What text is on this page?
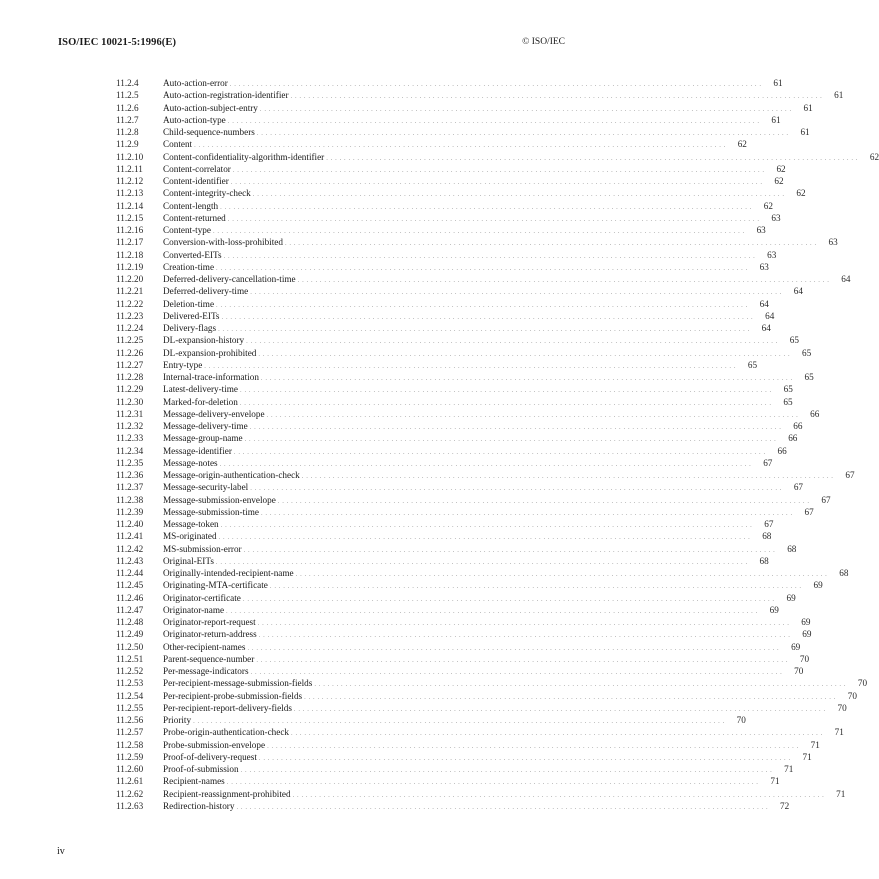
ISO/IEC 10021-5:1996(E)	© ISO/IEC
11.2.4	Auto-action-error . . . . . . . . . . . . . . . . . . . . . . . . . . . . . . . . . . . . . . . . . . . . . . . . . . . . . . . . . . . . . . . . . . . . . . . . . . . . . . . . . . . . . . . . . . . . . . . . . . . . . . . . . . . . . . . . . . . . . . . .	61
11.2.5	Auto-action-registration-identifier . . . . . . . . . . . . . . . . . . . . . . . . . . . . . . . . . . . . . . . . . . . . . . . . . . . . . . . . . . . . . . . . . . . . . . . . . . . . . . . . . . . . . . . . . . . . . . . . . . . . . . . . . . . . . . . . . . . . . . . .	61
11.2.6	Auto-action-subject-entry . . . . . . . . . . . . . . . . . . . . . . . . . . . . . . . . . . . . . . . . . . . . . . . . . . . . . . . . . . . . . . . . . . . . . . . . . . . . . . . . . . . . . . . . . . . . . . . . . . . . . . . . . . . . . . . . . . . . . . . .	61
11.2.7	Auto-action-type . . . . . . . . . . . . . . . . . . . . . . . . . . . . . . . . . . . . . . . . . . . . . . . . . . . . . . . . . . . . . . . . . . . . . . . . . . . . . . . . . . . . . . . . . . . . . . . . . . . . . . . . . . . . . . . . . . . . . . . .	61
11.2.8	Child-sequence-numbers . . . . . . . . . . . . . . . . . . . . . . . . . . . . . . . . . . . . . . . . . . . . . . . . . . . . . . . . . . . . . . . . . . . . . . . . . . . . . . . . . . . . . . . . . . . . . . . . . . . . . . . . . . . . . . . . . . . . . . . .	61
11.2.9	Content . . . . . . . . . . . . . . . . . . . . . . . . . . . . . . . . . . . . . . . . . . . . . . . . . . . . . . . . . . . . . . . . . . . . . . . . . . . . . . . . . . . . . . . . . . . . . . . . . . . . . . . . . . . . . . . . . . . . . . . .	62
11.2.10	Content-confidentiality-algorithm-identifier . . . . . . . . . . . . . . . . . . . . . . . . . . . . . . . . . . . . . . . . . . . . . . . . . . . . . . . . . . . . . . . . . . . . . . . . . . . . . . . . . . . . . . . . . . . . . . . . . . . . . . . . . . . . . . . . . . . . . . . .	62
11.2.11	Content-correlator . . . . . . . . . . . . . . . . . . . . . . . . . . . . . . . . . . . . . . . . . . . . . . . . . . . . . . . . . . . . . . . . . . . . . . . . . . . . . . . . . . . . . . . . . . . . . . . . . . . . . . . . . . . . . . . . . . . . . . . .	62
11.2.12	Content-identifier . . . . . . . . . . . . . . . . . . . . . . . . . . . . . . . . . . . . . . . . . . . . . . . . . . . . . . . . . . . . . . . . . . . . . . . . . . . . . . . . . . . . . . . . . . . . . . . . . . . . . . . . . . . . . . . . . . . . . . . .	62
11.2.13	Content-integrity-check . . . . . . . . . . . . . . . . . . . . . . . . . . . . . . . . . . . . . . . . . . . . . . . . . . . . . . . . . . . . . . . . . . . . . . . . . . . . . . . . . . . . . . . . . . . . . . . . . . . . . . . . . . . . . . . . . . . . . . . .	62
11.2.14	Content-length . . . . . . . . . . . . . . . . . . . . . . . . . . . . . . . . . . . . . . . . . . . . . . . . . . . . . . . . . . . . . . . . . . . . . . . . . . . . . . . . . . . . . . . . . . . . . . . . . . . . . . . . . . . . . . . . . . . . . . . .	62
11.2.15	Content-returned . . . . . . . . . . . . . . . . . . . . . . . . . . . . . . . . . . . . . . . . . . . . . . . . . . . . . . . . . . . . . . . . . . . . . . . . . . . . . . . . . . . . . . . . . . . . . . . . . . . . . . . . . . . . . . . . . . . . . . . .	63
11.2.16	Content-type . . . . . . . . . . . . . . . . . . . . . . . . . . . . . . . . . . . . . . . . . . . . . . . . . . . . . . . . . . . . . . . . . . . . . . . . . . . . . . . . . . . . . . . . . . . . . . . . . . . . . . . . . . . . . . . . . . . . . . . .	63
11.2.17	Conversion-with-loss-prohibited . . . . . . . . . . . . . . . . . . . . . . . . . . . . . . . . . . . . . . . . . . . . . . . . . . . . . . . . . . . . . . . . . . . . . . . . . . . . . . . . . . . . . . . . . . . . . . . . . . . . . . . . . . . . . . . . . . . . . . . .	63
11.2.18	Converted-EITs . . . . . . . . . . . . . . . . . . . . . . . . . . . . . . . . . . . . . . . . . . . . . . . . . . . . . . . . . . . . . . . . . . . . . . . . . . . . . . . . . . . . . . . . . . . . . . . . . . . . . . . . . . . . . . . . . . . . . . . .	63
11.2.19	Creation-time . . . . . . . . . . . . . . . . . . . . . . . . . . . . . . . . . . . . . . . . . . . . . . . . . . . . . . . . . . . . . . . . . . . . . . . . . . . . . . . . . . . . . . . . . . . . . . . . . . . . . . . . . . . . . . . . . . . . . . . .	63
11.2.20	Deferred-delivery-cancellation-time . . . . . . . . . . . . . . . . . . . . . . . . . . . . . . . . . . . . . . . . . . . . . . . . . . . . . . . . . . . . . . . . . . . . . . . . . . . . . . . . . . . . . . . . . . . . . . . . . . . . . . . . . . . . . . . . . . . . . . . .	64
11.2.21	Deferred-delivery-time . . . . . . . . . . . . . . . . . . . . . . . . . . . . . . . . . . . . . . . . . . . . . . . . . . . . . . . . . . . . . . . . . . . . . . . . . . . . . . . . . . . . . . . . . . . . . . . . . . . . . . . . . . . . . . . . . . . . . . . .	64
11.2.22	Deletion-time . . . . . . . . . . . . . . . . . . . . . . . . . . . . . . . . . . . . . . . . . . . . . . . . . . . . . . . . . . . . . . . . . . . . . . . . . . . . . . . . . . . . . . . . . . . . . . . . . . . . . . . . . . . . . . . . . . . . . . . .	64
11.2.23	Delivered-EITs . . . . . . . . . . . . . . . . . . . . . . . . . . . . . . . . . . . . . . . . . . . . . . . . . . . . . . . . . . . . . . . . . . . . . . . . . . . . . . . . . . . . . . . . . . . . . . . . . . . . . . . . . . . . . . . . . . . . . . . .	64
11.2.24	Delivery-flags . . . . . . . . . . . . . . . . . . . . . . . . . . . . . . . . . . . . . . . . . . . . . . . . . . . . . . . . . . . . . . . . . . . . . . . . . . . . . . . . . . . . . . . . . . . . . . . . . . . . . . . . . . . . . . . . . . . . . . . .	64
11.2.25	DL-expansion-history . . . . . . . . . . . . . . . . . . . . . . . . . . . . . . . . . . . . . . . . . . . . . . . . . . . . . . . . . . . . . . . . . . . . . . . . . . . . . . . . . . . . . . . . . . . . . . . . . . . . . . . . . . . . . . . . . . . . . . . .	65
11.2.26	DL-expansion-prohibited . . . . . . . . . . . . . . . . . . . . . . . . . . . . . . . . . . . . . . . . . . . . . . . . . . . . . . . . . . . . . . . . . . . . . . . . . . . . . . . . . . . . . . . . . . . . . . . . . . . . . . . . . . . . . . . . . . . . . . . .	65
11.2.27	Entry-type . . . . . . . . . . . . . . . . . . . . . . . . . . . . . . . . . . . . . . . . . . . . . . . . . . . . . . . . . . . . . . . . . . . . . . . . . . . . . . . . . . . . . . . . . . . . . . . . . . . . . . . . . . . . . . . . . . . . . . . .	65
11.2.28	Internal-trace-information . . . . . . . . . . . . . . . . . . . . . . . . . . . . . . . . . . . . . . . . . . . . . . . . . . . . . . . . . . . . . . . . . . . . . . . . . . . . . . . . . . . . . . . . . . . . . . . . . . . . . . . . . . . . . . . . . . . . . . . .	65
11.2.29	Latest-delivery-time . . . . . . . . . . . . . . . . . . . . . . . . . . . . . . . . . . . . . . . . . . . . . . . . . . . . . . . . . . . . . . . . . . . . . . . . . . . . . . . . . . . . . . . . . . . . . . . . . . . . . . . . . . . . . . . . . . . . . . . .	65
11.2.30	Marked-for-deletion . . . . . . . . . . . . . . . . . . . . . . . . . . . . . . . . . . . . . . . . . . . . . . . . . . . . . . . . . . . . . . . . . . . . . . . . . . . . . . . . . . . . . . . . . . . . . . . . . . . . . . . . . . . . . . . . . . . . . . . .	65
11.2.31	Message-delivery-envelope . . . . . . . . . . . . . . . . . . . . . . . . . . . . . . . . . . . . . . . . . . . . . . . . . . . . . . . . . . . . . . . . . . . . . . . . . . . . . . . . . . . . . . . . . . . . . . . . . . . . . . . . . . . . . . . . . . . . . . . .	66
11.2.32	Message-delivery-time . . . . . . . . . . . . . . . . . . . . . . . . . . . . . . . . . . . . . . . . . . . . . . . . . . . . . . . . . . . . . . . . . . . . . . . . . . . . . . . . . . . . . . . . . . . . . . . . . . . . . . . . . . . . . . . . . . . . . . . .	66
11.2.33	Message-group-name . . . . . . . . . . . . . . . . . . . . . . . . . . . . . . . . . . . . . . . . . . . . . . . . . . . . . . . . . . . . . . . . . . . . . . . . . . . . . . . . . . . . . . . . . . . . . . . . . . . . . . . . . . . . . . . . . . . . . . . .	66
11.2.34	Message-identifier . . . . . . . . . . . . . . . . . . . . . . . . . . . . . . . . . . . . . . . . . . . . . . . . . . . . . . . . . . . . . . . . . . . . . . . . . . . . . . . . . . . . . . . . . . . . . . . . . . . . . . . . . . . . . . . . . . . . . . . .	66
11.2.35	Message-notes . . . . . . . . . . . . . . . . . . . . . . . . . . . . . . . . . . . . . . . . . . . . . . . . . . . . . . . . . . . . . . . . . . . . . . . . . . . . . . . . . . . . . . . . . . . . . . . . . . . . . . . . . . . . . . . . . . . . . . . .	67
11.2.36	Message-origin-authentication-check . . . . . . . . . . . . . . . . . . . . . . . . . . . . . . . . . . . . . . . . . . . . . . . . . . . . . . . . . . . . . . . . . . . . . . . . . . . . . . . . . . . . . . . . . . . . . . . . . . . . . . . . . . . . . . . . . . . . . . . .	67
11.2.37	Message-security-label . . . . . . . . . . . . . . . . . . . . . . . . . . . . . . . . . . . . . . . . . . . . . . . . . . . . . . . . . . . . . . . . . . . . . . . . . . . . . . . . . . . . . . . . . . . . . . . . . . . . . . . . . . . . . . . . . . . . . . . .	67
11.2.38	Message-submission-envelope . . . . . . . . . . . . . . . . . . . . . . . . . . . . . . . . . . . . . . . . . . . . . . . . . . . . . . . . . . . . . . . . . . . . . . . . . . . . . . . . . . . . . . . . . . . . . . . . . . . . . . . . . . . . . . . . . . . . . . . .	67
11.2.39	Message-submission-time . . . . . . . . . . . . . . . . . . . . . . . . . . . . . . . . . . . . . . . . . . . . . . . . . . . . . . . . . . . . . . . . . . . . . . . . . . . . . . . . . . . . . . . . . . . . . . . . . . . . . . . . . . . . . . . . . . . . . . . .	67
11.2.40	Message-token . . . . . . . . . . . . . . . . . . . . . . . . . . . . . . . . . . . . . . . . . . . . . . . . . . . . . . . . . . . . . . . . . . . . . . . . . . . . . . . . . . . . . . . . . . . . . . . . . . . . . . . . . . . . . . . . . . . . . . . .	67
11.2.41	MS-originated . . . . . . . . . . . . . . . . . . . . . . . . . . . . . . . . . . . . . . . . . . . . . . . . . . . . . . . . . . . . . . . . . . . . . . . . . . . . . . . . . . . . . . . . . . . . . . . . . . . . . . . . . . . . . . . . . . . . . . . .	68
11.2.42	MS-submission-error . . . . . . . . . . . . . . . . . . . . . . . . . . . . . . . . . . . . . . . . . . . . . . . . . . . . . . . . . . . . . . . . . . . . . . . . . . . . . . . . . . . . . . . . . . . . . . . . . . . . . . . . . . . . . . . . . . . . . . . .	68
11.2.43	Original-EITs . . . . . . . . . . . . . . . . . . . . . . . . . . . . . . . . . . . . . . . . . . . . . . . . . . . . . . . . . . . . . . . . . . . . . . . . . . . . . . . . . . . . . . . . . . . . . . . . . . . . . . . . . . . . . . . . . . . . . . . .	68
11.2.44	Originally-intended-recipient-name . . . . . . . . . . . . . . . . . . . . . . . . . . . . . . . . . . . . . . . . . . . . . . . . . . . . . . . . . . . . . . . . . . . . . . . . . . . . . . . . . . . . . . . . . . . . . . . . . . . . . . . . . . . . . . . . . . . . . . . .	68
11.2.45	Originating-MTA-certificate . . . . . . . . . . . . . . . . . . . . . . . . . . . . . . . . . . . . . . . . . . . . . . . . . . . . . . . . . . . . . . . . . . . . . . . . . . . . . . . . . . . . . . . . . . . . . . . . . . . . . . . . . . . . . . . . . . . . . . . .	69
11.2.46	Originator-certificate . . . . . . . . . . . . . . . . . . . . . . . . . . . . . . . . . . . . . . . . . . . . . . . . . . . . . . . . . . . . . . . . . . . . . . . . . . . . . . . . . . . . . . . . . . . . . . . . . . . . . . . . . . . . . . . . . . . . . . . .	69
11.2.47	Originator-name . . . . . . . . . . . . . . . . . . . . . . . . . . . . . . . . . . . . . . . . . . . . . . . . . . . . . . . . . . . . . . . . . . . . . . . . . . . . . . . . . . . . . . . . . . . . . . . . . . . . . . . . . . . . . . . . . . . . . . . .	69
11.2.48	Originator-report-request . . . . . . . . . . . . . . . . . . . . . . . . . . . . . . . . . . . . . . . . . . . . . . . . . . . . . . . . . . . . . . . . . . . . . . . . . . . . . . . . . . . . . . . . . . . . . . . . . . . . . . . . . . . . . . . . . . . . . . . .	69
11.2.49	Originator-return-address . . . . . . . . . . . . . . . . . . . . . . . . . . . . . . . . . . . . . . . . . . . . . . . . . . . . . . . . . . . . . . . . . . . . . . . . . . . . . . . . . . . . . . . . . . . . . . . . . . . . . . . . . . . . . . . . . . . . . . . .	69
11.2.50	Other-recipient-names . . . . . . . . . . . . . . . . . . . . . . . . . . . . . . . . . . . . . . . . . . . . . . . . . . . . . . . . . . . . . . . . . . . . . . . . . . . . . . . . . . . . . . . . . . . . . . . . . . . . . . . . . . . . . . . . . . . . . . . .	69
11.2.51	Parent-sequence-number . . . . . . . . . . . . . . . . . . . . . . . . . . . . . . . . . . . . . . . . . . . . . . . . . . . . . . . . . . . . . . . . . . . . . . . . . . . . . . . . . . . . . . . . . . . . . . . . . . . . . . . . . . . . . . . . . . . . . . . .	70
11.2.52	Per-message-indicators . . . . . . . . . . . . . . . . . . . . . . . . . . . . . . . . . . . . . . . . . . . . . . . . . . . . . . . . . . . . . . . . . . . . . . . . . . . . . . . . . . . . . . . . . . . . . . . . . . . . . . . . . . . . . . . . . . . . . . . .	70
11.2.53	Per-recipient-message-submission-fields . . . . . . . . . . . . . . . . . . . . . . . . . . . . . . . . . . . . . . . . . . . . . . . . . . . . . . . . . . . . . . . . . . . . . . . . . . . . . . . . . . . . . . . . . . . . . . . . . . . . . . . . . . . . . . . . . . . . . . . .	70
11.2.54	Per-recipient-probe-submission-fields . . . . . . . . . . . . . . . . . . . . . . . . . . . . . . . . . . . . . . . . . . . . . . . . . . . . . . . . . . . . . . . . . . . . . . . . . . . . . . . . . . . . . . . . . . . . . . . . . . . . . . . . . . . . . . . . . . . . . . . .	70
11.2.55	Per-recipient-report-delivery-fields . . . . . . . . . . . . . . . . . . . . . . . . . . . . . . . . . . . . . . . . . . . . . . . . . . . . . . . . . . . . . . . . . . . . . . . . . . . . . . . . . . . . . . . . . . . . . . . . . . . . . . . . . . . . . . . . . . . . . . . .	70
11.2.56	Priority . . . . . . . . . . . . . . . . . . . . . . . . . . . . . . . . . . . . . . . . . . . . . . . . . . . . . . . . . . . . . . . . . . . . . . . . . . . . . . . . . . . . . . . . . . . . . . . . . . . . . . . . . . . . . . . . . . . . . . . .	70
11.2.57	Probe-origin-authentication-check . . . . . . . . . . . . . . . . . . . . . . . . . . . . . . . . . . . . . . . . . . . . . . . . . . . . . . . . . . . . . . . . . . . . . . . . . . . . . . . . . . . . . . . . . . . . . . . . . . . . . . . . . . . . . . . . . . . . . . . .	71
11.2.58	Probe-submission-envelope . . . . . . . . . . . . . . . . . . . . . . . . . . . . . . . . . . . . . . . . . . . . . . . . . . . . . . . . . . . . . . . . . . . . . . . . . . . . . . . . . . . . . . . . . . . . . . . . . . . . . . . . . . . . . . . . . . . . . . . .	71
11.2.59	Proof-of-delivery-request . . . . . . . . . . . . . . . . . . . . . . . . . . . . . . . . . . . . . . . . . . . . . . . . . . . . . . . . . . . . . . . . . . . . . . . . . . . . . . . . . . . . . . . . . . . . . . . . . . . . . . . . . . . . . . . . . . . . . . . .	71
11.2.60	Proof-of-submission . . . . . . . . . . . . . . . . . . . . . . . . . . . . . . . . . . . . . . . . . . . . . . . . . . . . . . . . . . . . . . . . . . . . . . . . . . . . . . . . . . . . . . . . . . . . . . . . . . . . . . . . . . . . . . . . . . . . . . . .	71
11.2.61	Recipient-names . . . . . . . . . . . . . . . . . . . . . . . . . . . . . . . . . . . . . . . . . . . . . . . . . . . . . . . . . . . . . . . . . . . . . . . . . . . . . . . . . . . . . . . . . . . . . . . . . . . . . . . . . . . . . . . . . . . . . . . .	71
11.2.62	Recipient-reassignment-prohibited . . . . . . . . . . . . . . . . . . . . . . . . . . . . . . . . . . . . . . . . . . . . . . . . . . . . . . . . . . . . . . . . . . . . . . . . . . . . . . . . . . . . . . . . . . . . . . . . . . . . . . . . . . . . . . . . . . . . . . . .	71
11.2.63	Redirection-history . . . . . . . . . . . . . . . . . . . . . . . . . . . . . . . . . . . . . . . . . . . . . . . . . . . . . . . . . . . . . . . . . . . . . . . . . . . . . . . . . . . . . . . . . . . . . . . . . . . . . . . . . . . . . . . . . . . . . . . .	72
iv
